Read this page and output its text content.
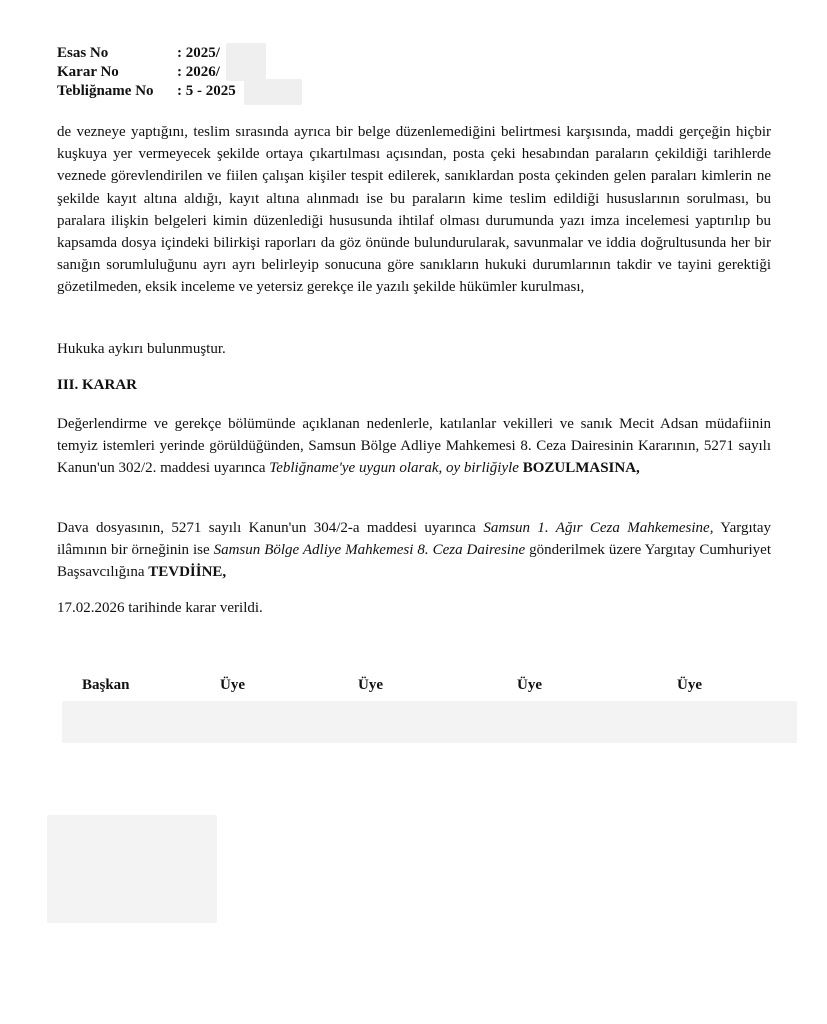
Esas No	: 2025/
Karar No	: 2026/
Tebliğname No : 5 - 2025

de vezneye yaptığını, teslim sırasında ayrıca bir belge düzenlemediğini belirtmesi karşısında, maddi gerçeğin hiçbir kuşkuya yer vermeyecek şekilde ortaya çıkartılması açısından, posta çeki hesabından paraların çekildiği tarihlerde veznede görevlendirilen ve fiilen çalışan kişiler tespit edilerek, sanıklardan posta çekinden gelen paraları kimlerin ne şekilde kayıt altına aldığı, kayıt altına alınmadı ise bu paraların kime teslim edildiği hususlarının sorulması, bu paralara ilişkin belgeleri kimin düzenlediği hususunda ihtilaf olması durumunda yazı imza incelemesi yaptırılıp bu kapsamda dosya içindeki bilirkişi raporları da göz önünde bulundurularak, savunmalar ve iddia doğrultusunda her bir sanığın sorumluluğunu ayrı ayrı belirleyip sonucuna göre sanıkların hukuki durumlarının takdir ve tayini gerektiği gözetilmeden, eksik inceleme ve yetersiz gerekçe ile yazılı şekilde hükümler kurulması,

Hukuka aykırı bulunmuştur.

III. KARAR

Değerlendirme ve gerekçe bölümünde açıklanan nedenlerle, katılanlar vekilleri ve sanık Mecit Adsan müdafiinin temyiz istemleri yerinde görüldüğünden, Samsun Bölge Adliye Mahkemesi 8. Ceza Dairesinin Kararının, 5271 sayılı Kanun'un 302/2. maddesi uyarınca Tebliğname'ye uygun olarak, oy birliğiyle BOZULMASINA,

Dava dosyasının, 5271 sayılı Kanun'un 304/2-a maddesi uyarınca Samsun 1. Ağır Ceza Mahkemesine, Yargıtay ilâmının bir örneğinin ise Samsun Bölge Adliye Mahkemesi 8. Ceza Dairesine gönderilmek üzere Yargıtay Cumhuriyet Başsavcılığına TEVDİİNE,

17.02.2026 tarihinde karar verildi.

Başkan	Üye	Üye	Üye	Üye
